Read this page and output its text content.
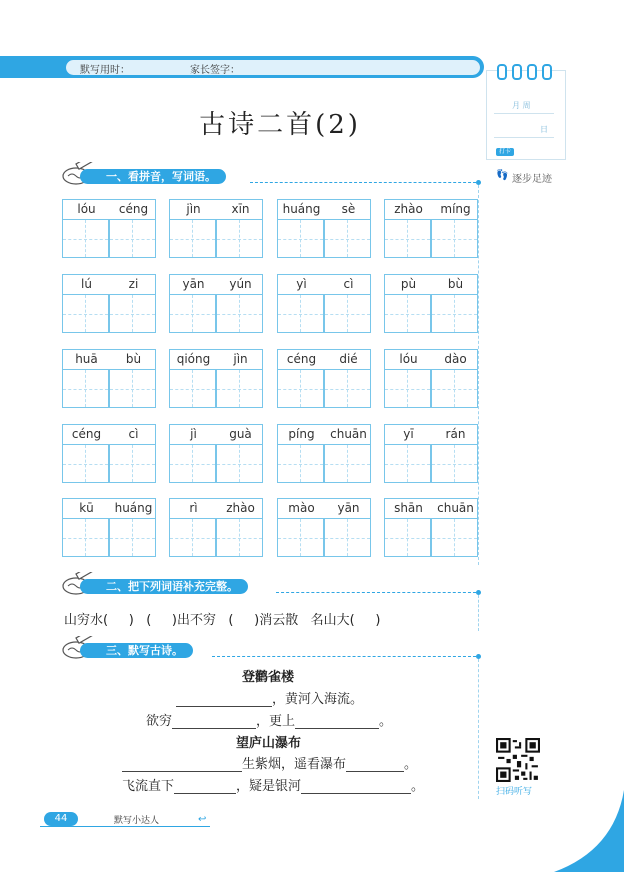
默写用时：	家长签字：
月 周
日
打卡
👣 逐步足迹
古诗二首(2)
一、看拼音，写词语。
lóu	céng	jìn	xīn	huáng	sè	zhào	míng
lú	zi	yān	yún	yì	cì	pù	bù
huā	bù	qióng	jìn	céng	dié	lóu	dào
céng	cì	jì	guà	píng	chuān	yī	rán
kū	huáng	rì	zhào	mào	yān	shān	chuān
二、把下列词语补充完整。
山穷水(     )   (     )出不穷   (     )消云散   名山大(     )
三、默写古诗。
登鹳雀楼
，黄河入海流。
欲穷	，更上	。
望庐山瀑布
生紫烟，遥看瀑布	。
飞流直下	，疑是银河	。	扫码听写
44	默写小达人	↩
